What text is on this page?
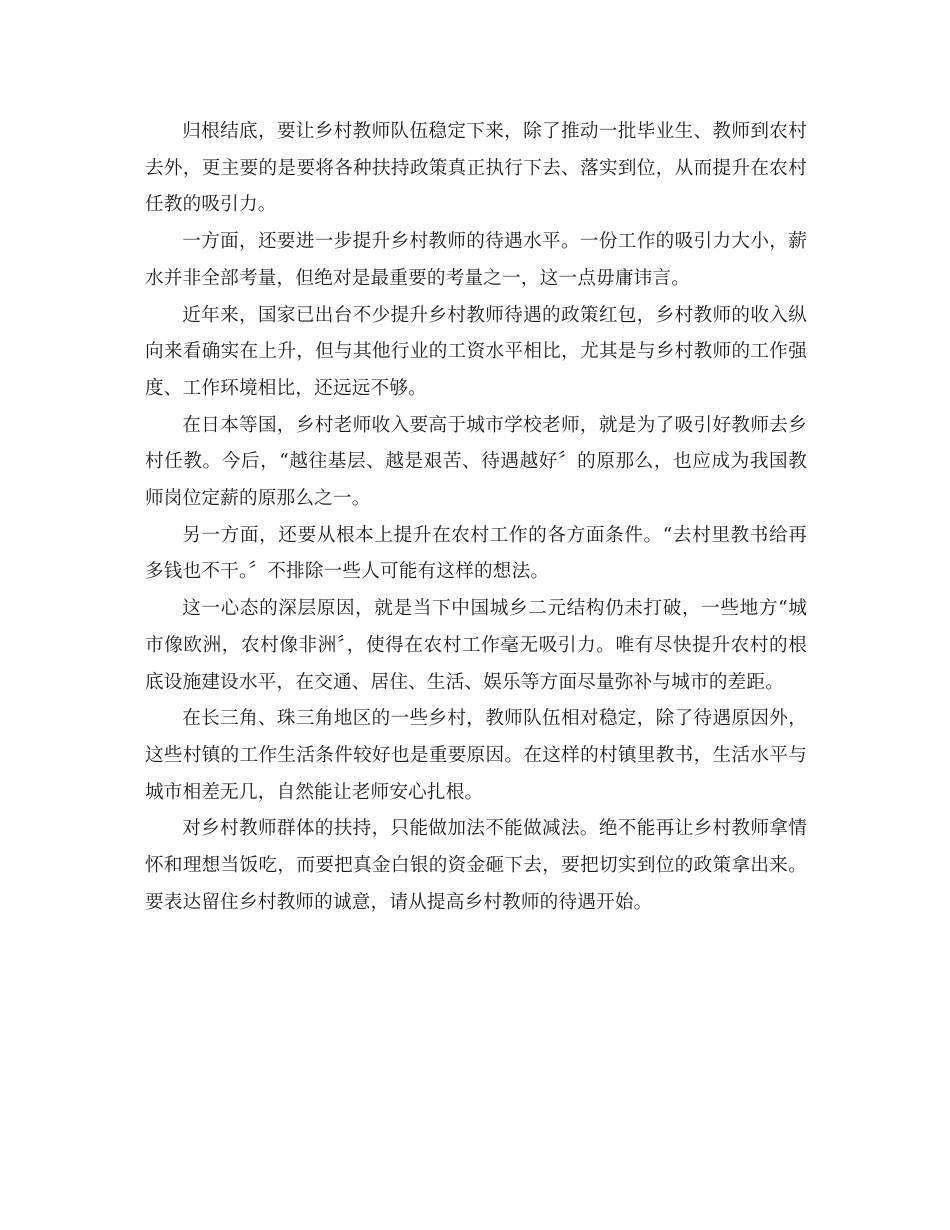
归根结底，要让乡村教师队伍稳定下来，除了推动一批毕业生、教师到农村去外，更主要的是要将各种扶持政策真正执行下去、落实到位，从而提升在农村任教的吸引力。

一方面，还要进一步提升乡村教师的待遇水平。一份工作的吸引力大小，薪水并非全部考量，但绝对是最重要的考量之一，这一点毋庸讳言。

近年来，国家已出台不少提升乡村教师待遇的政策红包，乡村教师的收入纵向来看确实在上升，但与其他行业的工资水平相比，尤其是与乡村教师的工作强度、工作环境相比，还远远不够。

在日本等国，乡村老师收入要高于城市学校老师，就是为了吸引好教师去乡村任教。今后，“越往基层、越是艰苦、待遇越好〞的原那么，也应成为我国教师岗位定薪的原那么之一。

另一方面，还要从根本上提升在农村工作的各方面条件。“去村里教书给再多钱也不干。〞不排除一些人可能有这样的想法。

这一心态的深层原因，就是当下中国城乡二元结构仍未打破，一些地方“城市像欧洲，农村像非洲〞，使得在农村工作毫无吸引力。唯有尽快提升农村的根底设施建设水平，在交通、居住、生活、娱乐等方面尽量弥补与城市的差距。

在长三角、珠三角地区的一些乡村，教师队伍相对稳定，除了待遇原因外，这些村镇的工作生活条件较好也是重要原因。在这样的村镇里教书，生活水平与城市相差无几，自然能让老师安心扎根。

对乡村教师群体的扶持，只能做加法不能做减法。绝不能再让乡村教师拿情怀和理想当饭吃，而要把真金白银的资金砸下去，要把切实到位的政策拿出来。要表达留住乡村教师的诚意，请从提高乡村教师的待遇开始。
